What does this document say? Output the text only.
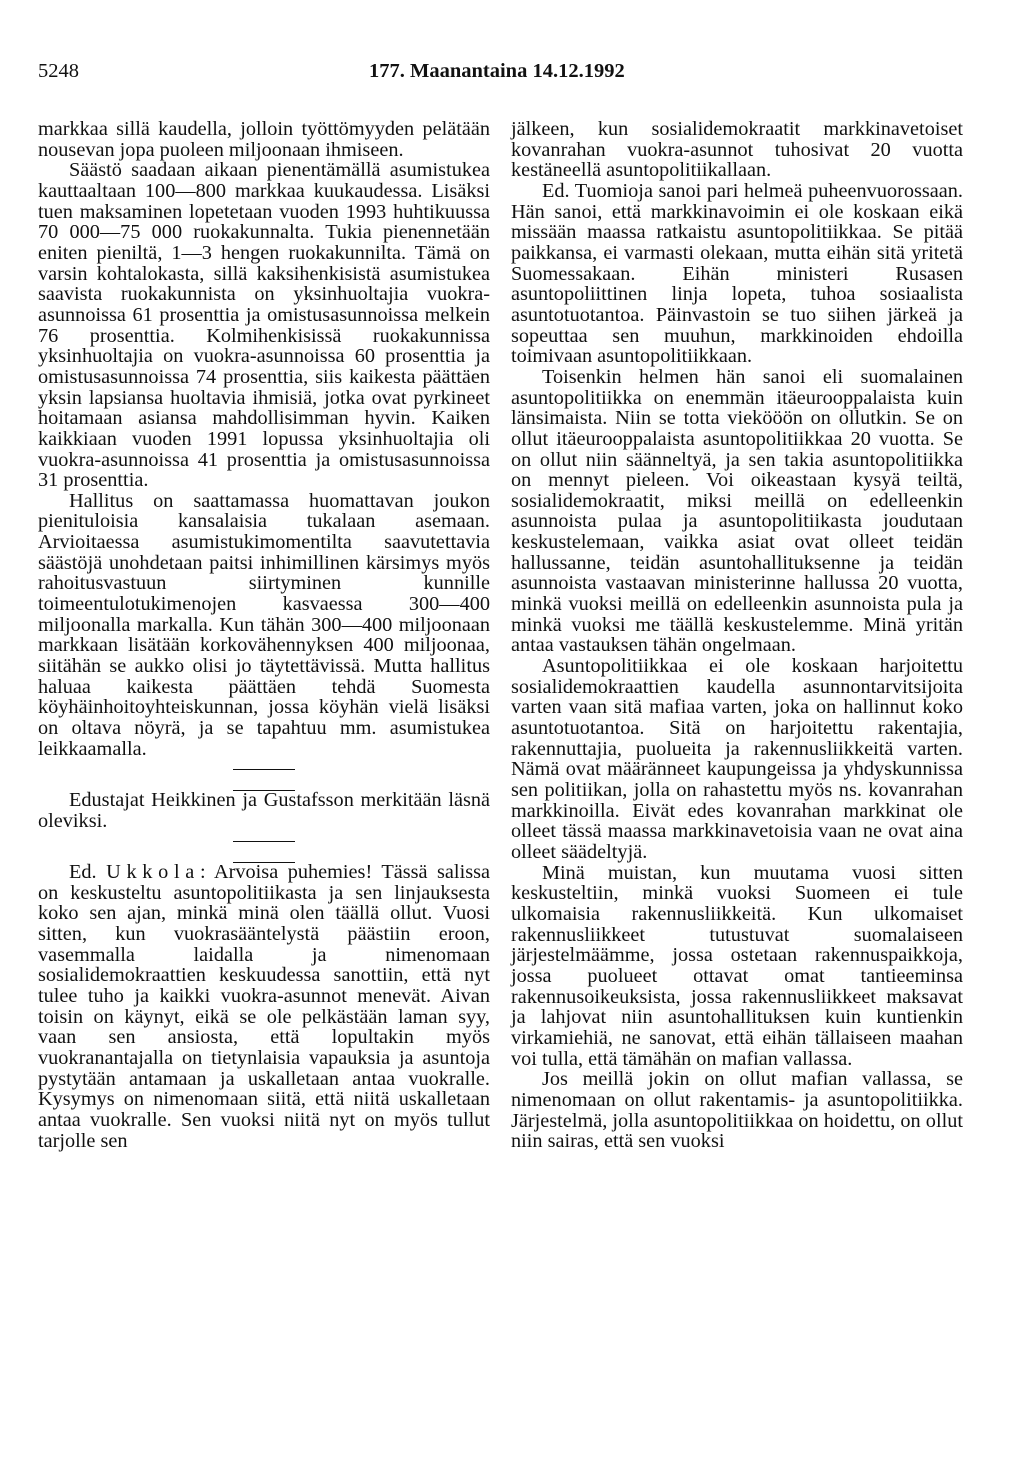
5248	177. Maanantaina 14.12.1992

markkaa sillä kaudella, jolloin työttömyyden pelätään nousevan jopa puoleen miljoonaan ihmiseen.

Säästö saadaan aikaan pienentämällä asumistukea kauttaaltaan 100—800 markkaa kuukaudessa. Lisäksi tuen maksaminen lopetetaan vuoden 1993 huhtikuussa 70 000—75 000 ruokakunnalta. Tukia pienennetään eniten pieniltä, 1—3 hengen ruokakunnilta. Tämä on varsin kohtalokasta, sillä kaksihenkisistä asumistukea saavista ruokakunnista on yksinhuoltajia vuokra-asunnoissa 61 prosenttia ja omistusasunnoissa melkein 76 prosenttia. Kolmihenkisissä ruokakunnissa yksinhuoltajia on vuokra-asunnoissa 60 prosenttia ja omistusasunnoissa 74 prosenttia, siis kaikesta päättäen yksin lapsiansa huoltavia ihmisiä, jotka ovat pyrkineet hoitamaan asiansa mahdollisimman hyvin. Kaiken kaikkiaan vuoden 1991 lopussa yksinhuoltajia oli vuokra-asunnoissa 41 prosenttia ja omistusasunnoissa 31 prosenttia.

Hallitus on saattamassa huomattavan joukon pienituloisia kansalaisia tukalaan asemaan. Arvioitaessa asumistukimomentilta saavutettavia säästöjä unohdetaan paitsi inhimillinen kärsimys myös rahoitusvastuun siirtyminen kunnille toimeentulotukimenojen kasvaessa 300—400 miljoonalla markalla. Kun tähän 300—400 miljoonaan markkaan lisätään korkovähennyksen 400 miljoonaa, siitähän se aukko olisi jo täytettävissä. Mutta hallitus haluaa kaikesta päättäen tehdä Suomesta köyhäinhoitoyhteiskunnan, jossa köyhän vielä lisäksi on oltava nöyrä, ja se tapahtuu mm. asumistukea leikkaamalla.

Edustajat Heikkinen ja Gustafsson merkitään läsnä oleviksi.

Ed. Ukkola: Arvoisa puhemies! Tässä salissa on keskusteltu asuntopolitiikasta ja sen linjauksesta koko sen ajan, minkä minä olen täällä ollut. Vuosi sitten, kun vuokrasääntelystä päästiin eroon, vasemmalla laidalla ja nimenomaan sosialidemokraattien keskuudessa sanottiin, että nyt tulee tuho ja kaikki vuokra-asunnot menevät. Aivan toisin on käynyt, eikä se ole pelkästään laman syy, vaan sen ansiosta, että lopultakin myös vuokranantajalla on tietynlaisia vapauksia ja asuntoja pystytään antamaan ja uskalletaan antaa vuokralle. Kysymys on nimenomaan siitä, että niitä uskalletaan antaa vuokralle. Sen vuoksi niitä nyt on myös tullut tarjolle sen

jälkeen, kun sosialidemokraatit markkinavetoiset kovanrahan vuokra-asunnot tuhosivat 20 vuotta kestäneellä asuntopolitiikallaan.

Ed. Tuomioja sanoi pari helmeä puheenvuorossaan. Hän sanoi, että markkinavoimin ei ole koskaan eikä missään maassa ratkaistu asuntopolitiikkaa. Se pitää paikkansa, ei varmasti olekaan, mutta eihän sitä yritetä Suomessakaan. Eihän ministeri Rusasen asuntopoliittinen linja lopeta, tuhoa sosiaalista asuntotuotantoa. Päinvastoin se tuo siihen järkeä ja sopeuttaa sen muuhun, markkinoiden ehdoilla toimivaan asuntopolitiikkaan.

Toisenkin helmen hän sanoi eli suomalainen asuntopolitiikka on enemmän itäeurooppalaista kuin länsimaista. Niin se totta viekööön on ollutkin. Se on ollut itäeurooppalaista asuntopolitiikkaa 20 vuotta. Se on ollut niin säänneltyä, ja sen takia asuntopolitiikka on mennyt pieleen. Voi oikeastaan kysyä teiltä, sosialidemokraatit, miksi meillä on edelleenkin asunnoista pulaa ja asuntopolitiikasta joudutaan keskustelemaan, vaikka asiat ovat olleet teidän hallussanne, teidän asuntohallituksenne ja teidän asunnoista vastaavan ministerinne hallussa 20 vuotta, minkä vuoksi meillä on edelleenkin asunnoista pula ja minkä vuoksi me täällä keskustelemme. Minä yritän antaa vastauksen tähän ongelmaan.

Asuntopolitiikkaa ei ole koskaan harjoitettu sosialidemokraattien kaudella asunnontarvitsijoita varten vaan sitä mafiaa varten, joka on hallinnut koko asuntotuotantoa. Sitä on harjoitettu rakentajia, rakennuttajia, puolueita ja rakennusliikkeitä varten. Nämä ovat määränneet kaupungeissa ja yhdyskunnissa sen politiikan, jolla on rahastettu myös ns. kovanrahan markkinoilla. Eivät edes kovanrahan markkinat ole olleet tässä maassa markkinavetoisia vaan ne ovat aina olleet säädeltyjä.

Minä muistan, kun muutama vuosi sitten keskusteltiin, minkä vuoksi Suomeen ei tule ulkomaisia rakennusliikkeitä. Kun ulkomaiset rakennusliikkeet tutustuvat suomalaiseen järjestelmäämme, jossa ostetaan rakennuspaikkoja, jossa puolueet ottavat omat tantieeminsa rakennusoikeuksista, jossa rakennusliikkeet maksavat ja lahjovat niin asuntohallituksen kuin kuntienkin virkamiehiä, ne sanovat, että eihän tällaiseen maahan voi tulla, että tämähän on mafian vallassa.

Jos meillä jokin on ollut mafian vallassa, se nimenomaan on ollut rakentamis- ja asuntopolitiikka. Järjestelmä, jolla asuntopolitiikkaa on hoidettu, on ollut niin sairas, että sen vuoksi
